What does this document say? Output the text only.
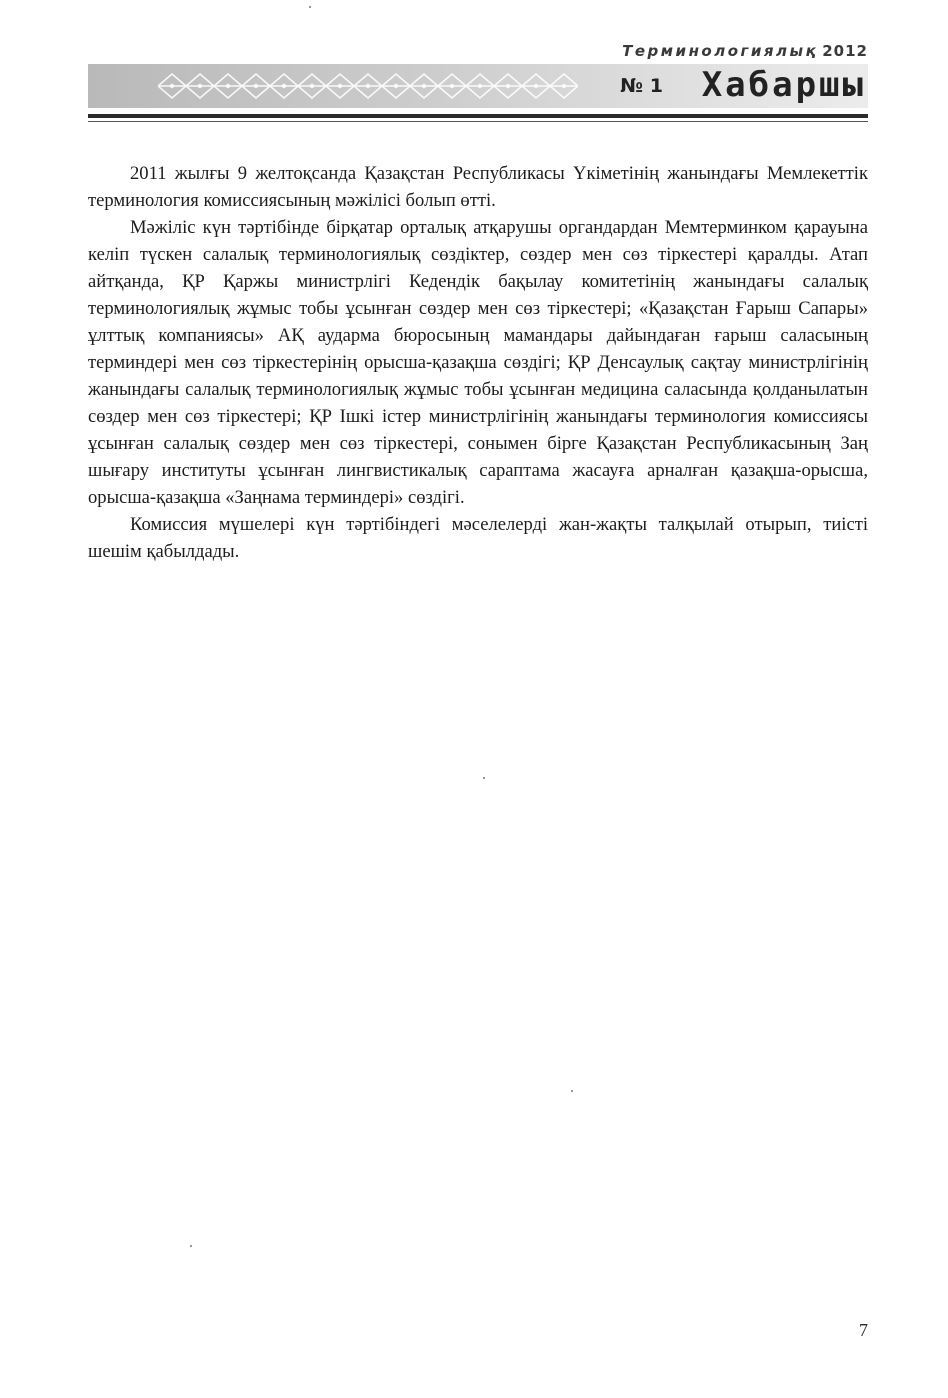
Терминологиялық 2012
№ 1 Хабаршы

2011 жылғы 9 желтоқсанда Қазақстан Республикасы Үкіметінің жанындағы Мемлекеттік терминология комиссиясының мәжілісі болып өтті.

Мәжіліс күн тәртібінде бірқатар орталық атқарушы органдардан Мемтерминком қарауына келіп түскен салалық терминологиялық сөздіктер, сөздер мен сөз тіркестері қаралды. Атап айтқанда, ҚР Қаржы министрлігі Кедендік бақылау комитетінің жанындағы салалық терминологиялық жұмыс тобы ұсынған сөздер мен сөз тіркестері; «Қазақстан Ғарыш Сапары» ұлттық компаниясы» АҚ аударма бюросының мамандары дайындаған ғарыш саласының терминдері мен сөз тіркестерінің орысша-қазақша сөздігі; ҚР Денсаулық сақтау министрлігінің жанындағы салалық терминологиялық жұмыс тобы ұсынған медицина саласында қолданылатын сөздер мен сөз тіркестері; ҚР Ішкі істер министрлігінің жанындағы терминология комиссиясы ұсынған салалық сөздер мен сөз тіркестері, сонымен бірге Қазақстан Республикасының Заң шығару институты ұсынған лингвистикалық сараптама жасауға арналған қазақша-орысша, орысша-қазақша «Заңнама терминдері» сөздігі.

Комиссия мүшелері күн тәртібіндегі мәселелерді жан-жақты талқылай отырып, тиісті шешім қабылдады.

7
